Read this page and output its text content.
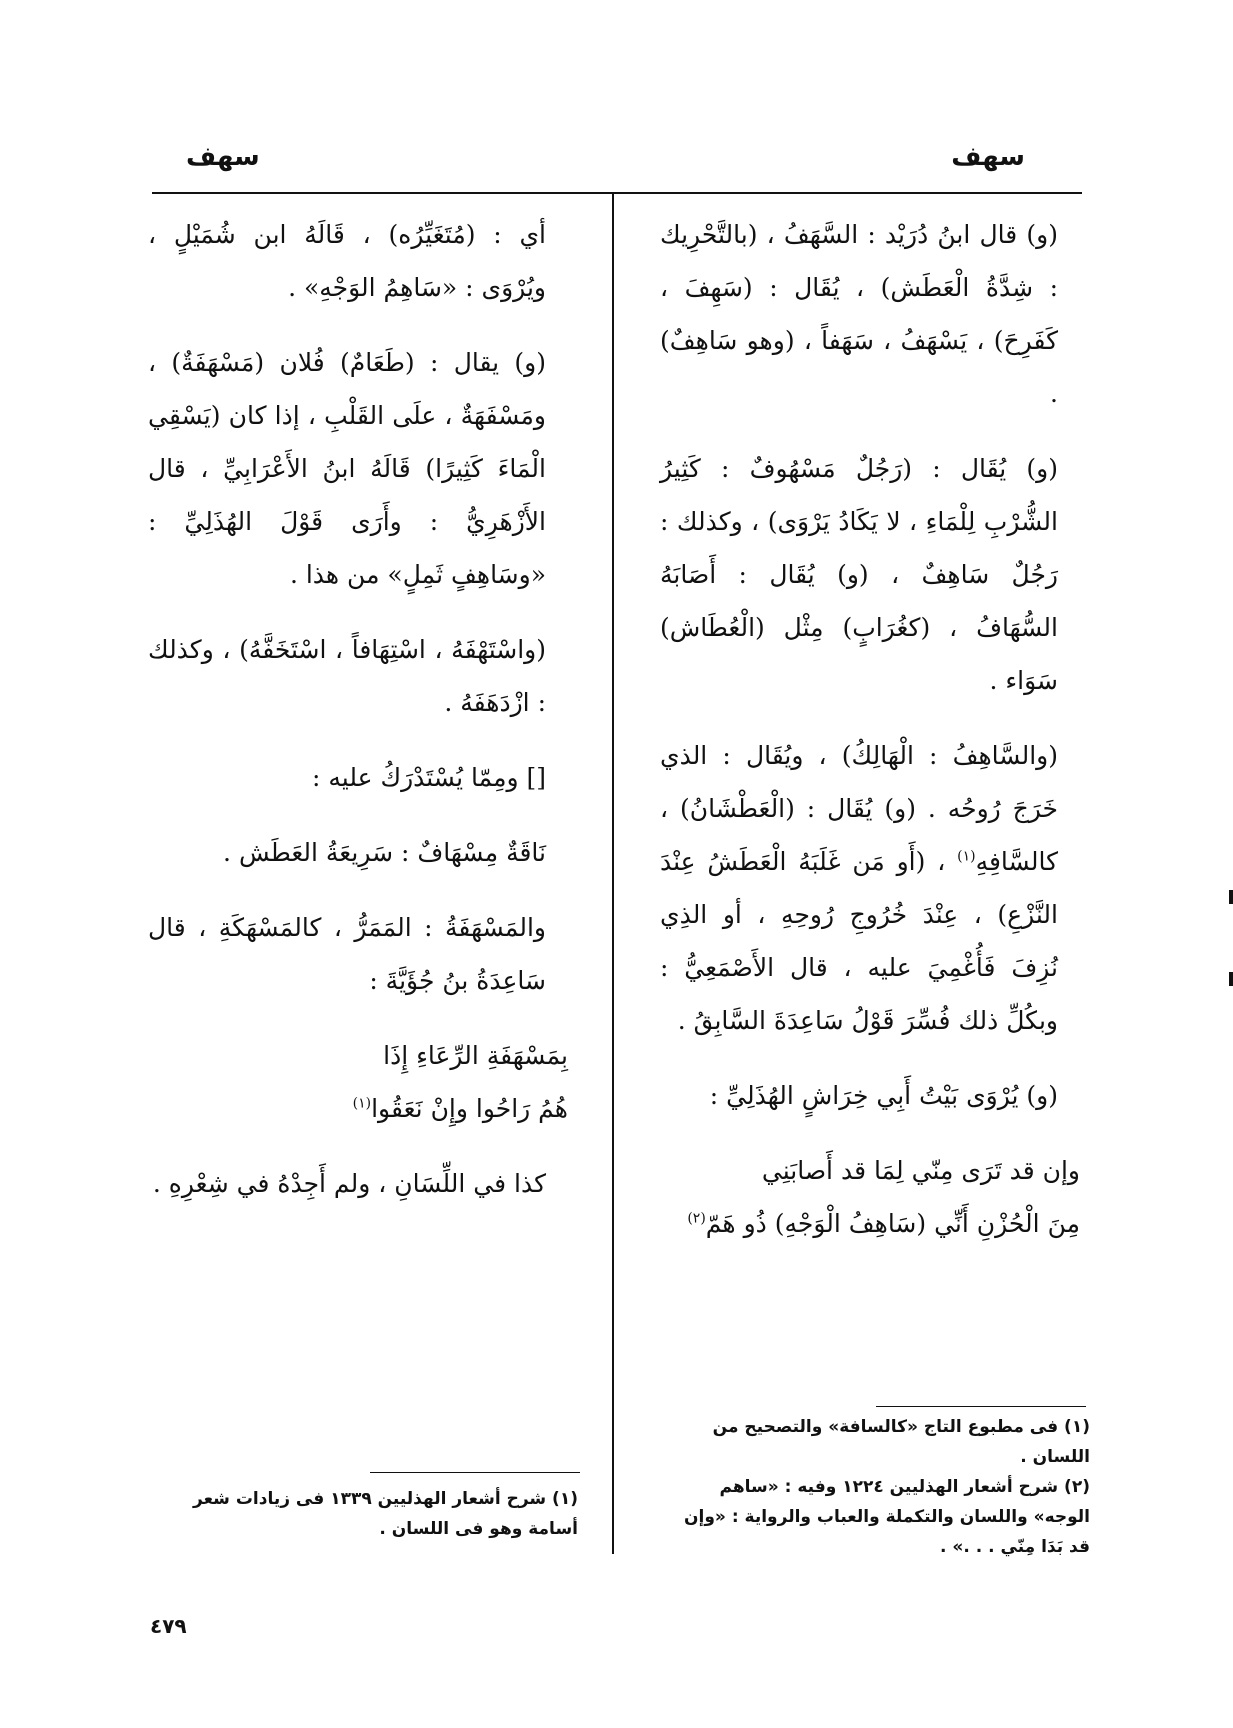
سهف
سهف

(و) قال ابنُ دُرَيْد : السَّهَفُ ، (بالتَّحْرِيك : شِدَّةُ الْعَطَش) ، يُقَال : (سَهِفَ ، كَفَرِحَ) ، يَسْهَفُ ، سَهَفاً ، (وهو سَاهِفٌ) .

(و) يُقَال : (رَجُلٌ مَسْهُوفٌ : كَثِيرُ الشُّرْبِ لِلْمَاءِ ، لا يَكَادُ يَرْوَى) ، وكذلك : رَجُلٌ سَاهِفٌ ، (و) يُقَال : أَصَابَهُ السُّهَافُ ، (كغُرَابٍ) مِثْل (الْعُطَاش) سَوَاء .

(والسَّاهِفُ : الْهَالِكُ) ، ويُقَال : الذي خَرَجَ رُوحُه . (و) يُقَال : (الْعَطْشَانُ) ، كالسَّافِهِ$^{(١)}$ ، (أَو مَن غَلَبَهُ الْعَطَشُ عِنْدَ النَّزْعِ) ، عِنْدَ خُرُوجِ رُوحِهِ ، أو الذِي نُزِفَ فَأُغْمِيَ عليه ، قال الأَصْمَعِيُّ : وبكُلِّ ذلك فُسِّرَ قَوْلُ سَاعِدَةَ السَّابِقُ .

(و) يُرْوَى بَيْتُ أَبِي خِرَاشٍ الهُذَلِيِّ :

وإن قد تَرَى مِنّي لِمَا قد أَصابَنِي
مِنَ الْحُزْنِ أَنِّي (سَاهِفُ الْوَجْهِ) ذُو هَمّ$^{(٢)}$
(١) فى مطبوع التاج «كالسافة» والتصحيح من اللسان .
(٢) شرح أشعار الهذليين ١٢٢٤ وفيه : «ساهم الوجه» واللسان والتكملة والعباب والرواية : «وإن قد بَدَا مِنّي . . .» .

أي : (مُتَغَيِّرُه) ، قَالَهُ ابن شُمَيْلٍ ، ويُرْوَى : «سَاهِمُ الوَجْهِ» .

(و) يقال : (طَعَامٌ) فُلان (مَسْهَفَةٌ) ، ومَسْفَهَةٌ ، علَى القَلْبِ ، إذا كان (يَسْقِي الْمَاءَ كَثِيرًا) قَالَهُ ابنُ الأَعْرَابِيِّ ، قال الأَزْهَرِيُّ : وأَرَى قَوْلَ الهُذَلِيِّ : «وسَاهِفٍ ثَمِلٍ» من هذا .

(واسْتَهْفَهُ ، اسْتِهَافاً ، اسْتَخَفَّهُ) ، وكذلك : ازْدَهَفَهُ .

[] ومِمّا يُسْتَدْرَكُ عليه :

نَاقَةٌ مِسْهَافٌ : سَرِيعَةُ العَطَش .

والمَسْهَفَةُ : المَمَرُّ ، كالمَسْهَكَةِ ، قال سَاعِدَةُ بنُ جُؤَيَّةَ :

بِمَسْهَفَةِ الرِّعَاءِ إِذَا
هُمُ رَاحُوا وإِنْ نَعَقُوا$^{(١)}$

كذا في اللِّسَانِ ، ولم أَجِدْهُ في شِعْرِهِ .

(١) شرح أشعار الهذليين ١٣٣٩ فى زيادات شعر أسامة وهو فى اللسان .
٤٧٩
